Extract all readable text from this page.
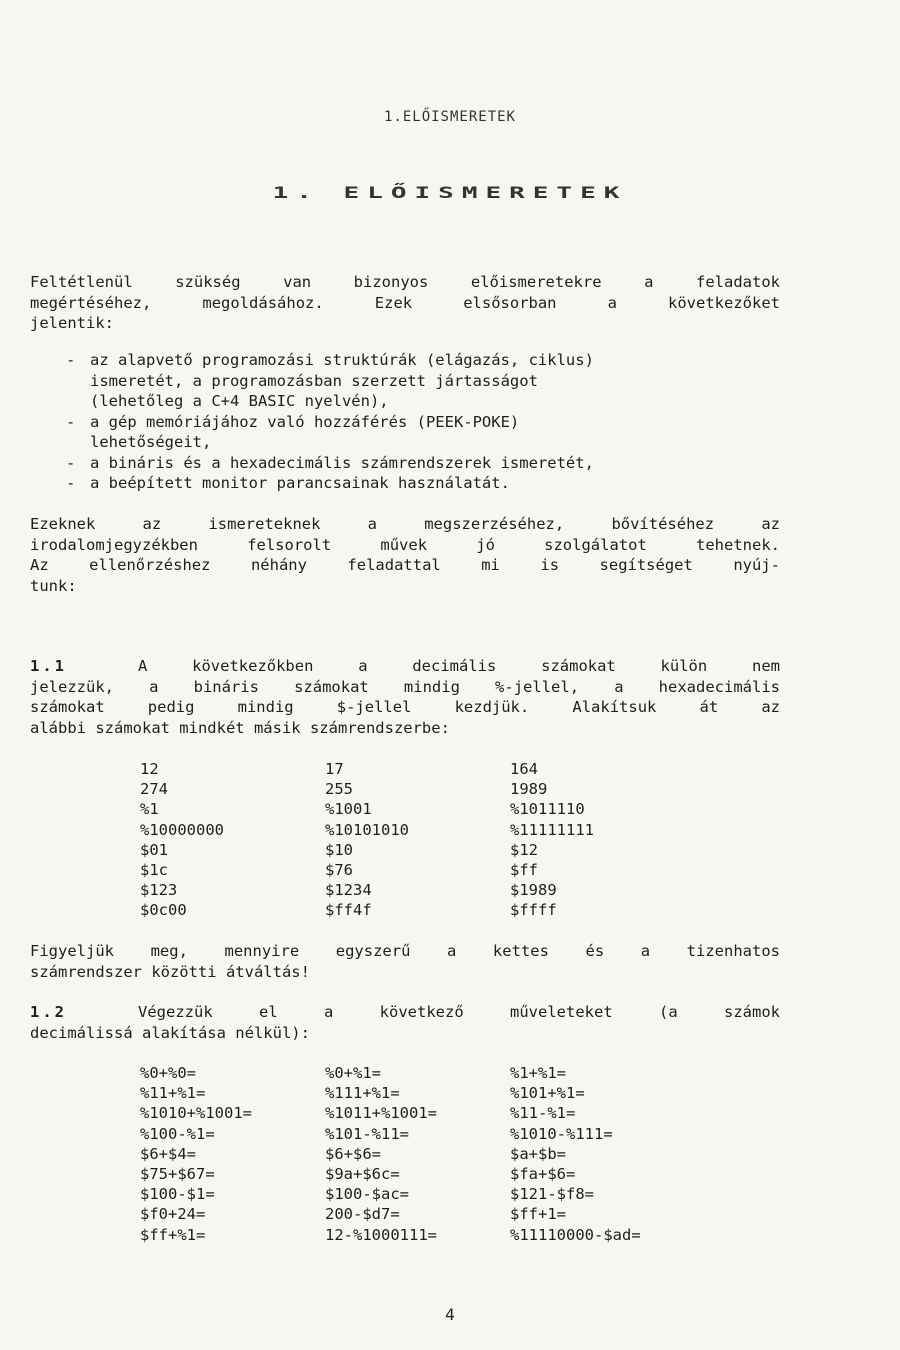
1.ELŐISMERETEK
1. ELŐISMERETEK
Feltétlenül szükség van bizonyos előismeretekre a feladatok
megértéséhez, megoldásához. Ezek elsősorban a következőket
jelentik:
- az alapvető programozási struktúrák (elágazás, ciklus)
ismeretét, a programozásban szerzett jártasságot
(lehetőleg a C+4 BASIC nyelvén),
- a gép memóriájához való hozzáférés (PEEK-POKE)
lehetőségeit,
- a bináris és a hexadecimális számrendszerek ismeretét,
- a beépített monitor parancsainak használatát.
Ezeknek az ismereteknek a megszerzéséhez, bővítéséhez az
irodalomjegyzékben felsorolt művek jó szolgálatot tehetnek.
Az ellenőrzéshez néhány feladattal mi is segítséget nyúj-
tunk:
1.1	A következőkben a decimális számokat külön nem
jelezzük, a bináris számokat mindig %-jellel, a hexadecimális
számokat pedig mindig $-jellel kezdjük. Alakítsuk át az
alábbi számokat mindkét másik számrendszerbe:
12	17	164
274	255	1989
%1	%1001	%1011110
%10000000	%10101010	%11111111
$01	$10	$12
$1c	$76	$ff
$123	$1234	$1989
$0c00	$ff4f	$ffff
Figyeljük meg, mennyire egyszerű a kettes és a tizenhatos
számrendszer közötti átváltás!
1.2	Végezzük el a következő műveleteket (a számok
decimálissá alakítása nélkül):
%0+%0=	%0+%1=	%1+%1=
%11+%1=	%111+%1=	%101+%1=
%1010+%1001=	%1011+%1001=	%11-%1=
%100-%1=	%101-%11=	%1010-%111=
$6+$4=	$6+$6=	$a+$b=
$75+$67=	$9a+$6c=	$fa+$6=
$100-$1=	$100-$ac=	$121-$f8=
$f0+24=	200-$d7=	$ff+1=
$ff+%1=	12-%1000111=	%11110000-$ad=
4
